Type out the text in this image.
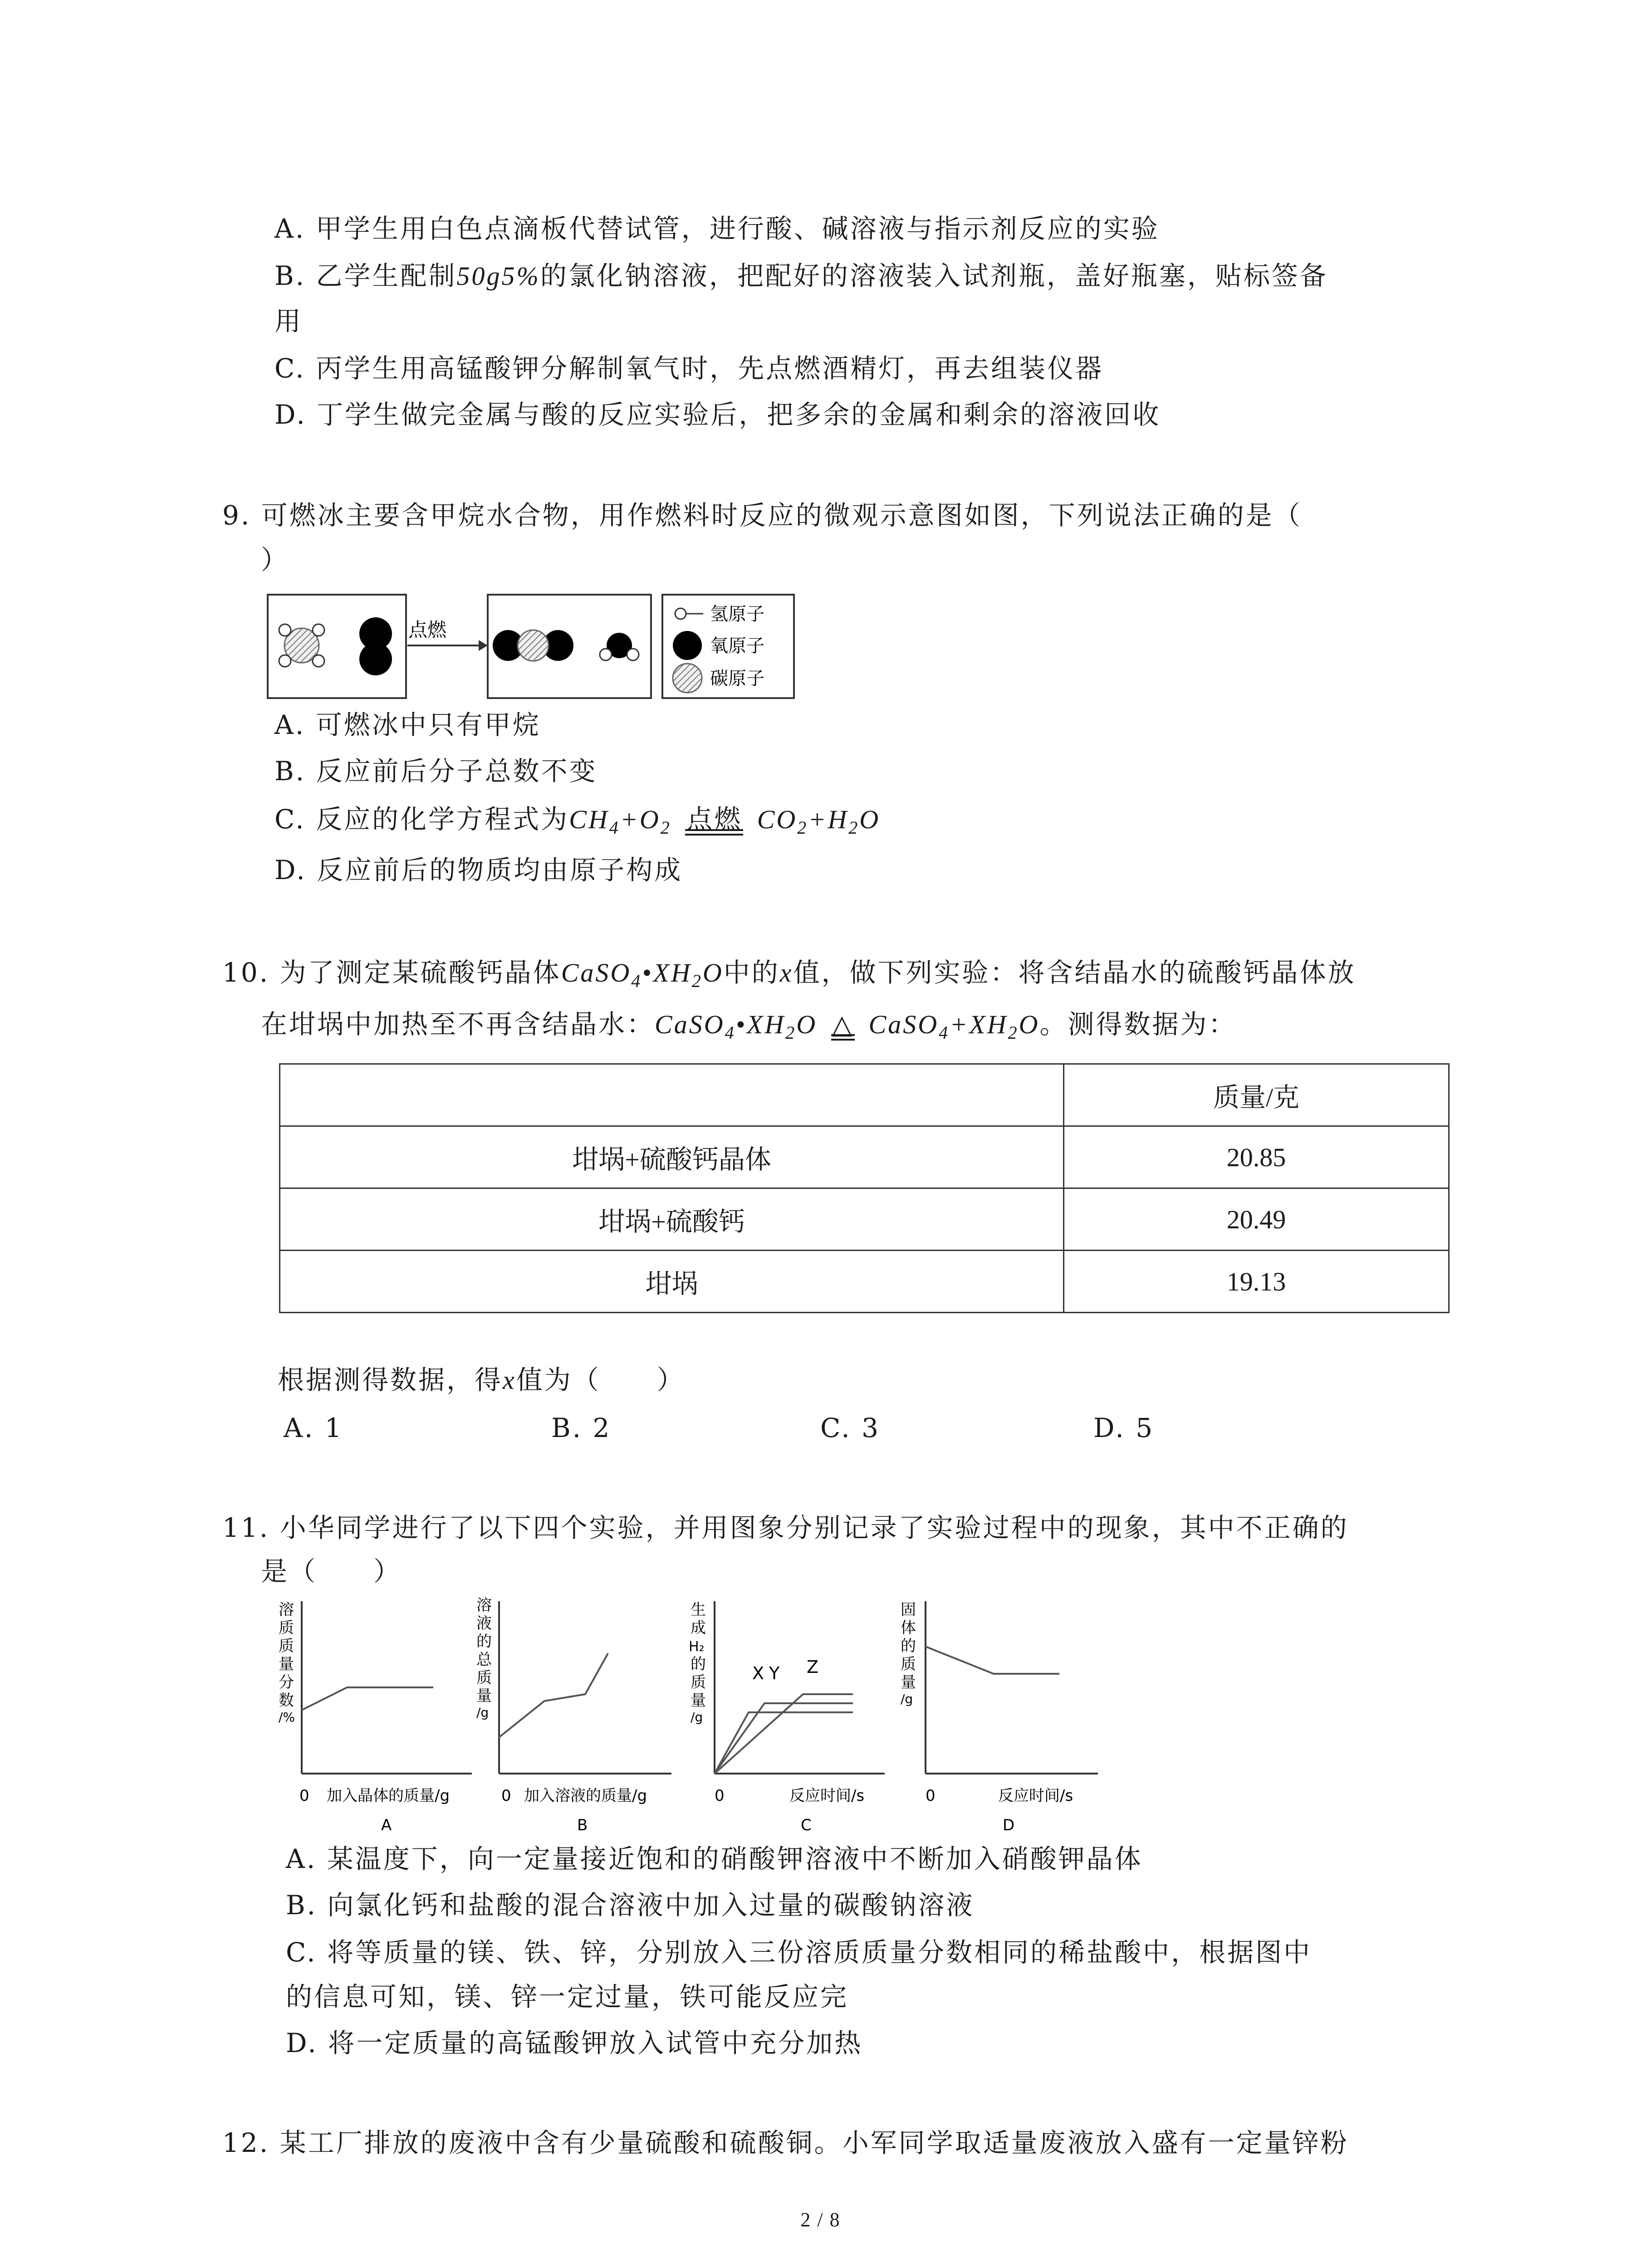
A. 甲学生用白色点滴板代替试管，进行酸、碱溶液与指示剂反应的实验
B. 乙学生配制50g5%的氯化钠溶液，把配好的溶液装入试剂瓶，盖好瓶塞，贴标签备
用
C. 丙学生用高锰酸钾分解制氧气时，先点燃酒精灯，再去组装仪器
D. 丁学生做完金属与酸的反应实验后，把多余的金属和剩余的溶液回收
9. 可燃冰主要含甲烷水合物，用作燃料时反应的微观示意图如图，下列说法正确的是（
）
点燃
氢原子
氧原子
碳原子
A. 可燃冰中只有甲烷
B. 反应前后分子总数不变
C. 反应的化学方程式为$CH_4+O_2$ 点燃 $CO_2+H_2O$
D. 反应前后的物质均由原子构成
10. 为了测定某硫酸钙晶体$CaSO_4•XH_2O$中的x值，做下列实验：将含结晶水的硫酸钙晶体放
在坩埚中加热至不再含结晶水：$CaSO_4•XH_2O$ △ $CaSO_4+XH_2O$。测得数据为：
	质量/克
坩埚+硫酸钙晶体	20.85
坩埚+硫酸钙	20.49
坩埚	19.13
根据测得数据，得x值为（　　）
A. 1	B. 2	C. 3	D. 5
11. 小华同学进行了以下四个实验，并用图象分别记录了实验过程中的现象，其中不正确的
是（　　）
溶
质
质
量
分
数
/%
0 加入晶体的质量/g
A
溶
液
的
总
质
量
/g
0 加入溶液的质量/g
B
生
成
H₂
的
质
量
/g
X Y Z
0	反应时间/s
C
固
体
的
质
量
/g
0	反应时间/s
D
A. 某温度下，向一定量接近饱和的硝酸钾溶液中不断加入硝酸钾晶体
B. 向氯化钙和盐酸的混合溶液中加入过量的碳酸钠溶液
C. 将等质量的镁、铁、锌，分别放入三份溶质质量分数相同的稀盐酸中，根据图中
的信息可知，镁、锌一定过量，铁可能反应完
D. 将一定质量的高锰酸钾放入试管中充分加热
12. 某工厂排放的废液中含有少量硫酸和硫酸铜。小军同学取适量废液放入盛有一定量锌粉
2 / 8
